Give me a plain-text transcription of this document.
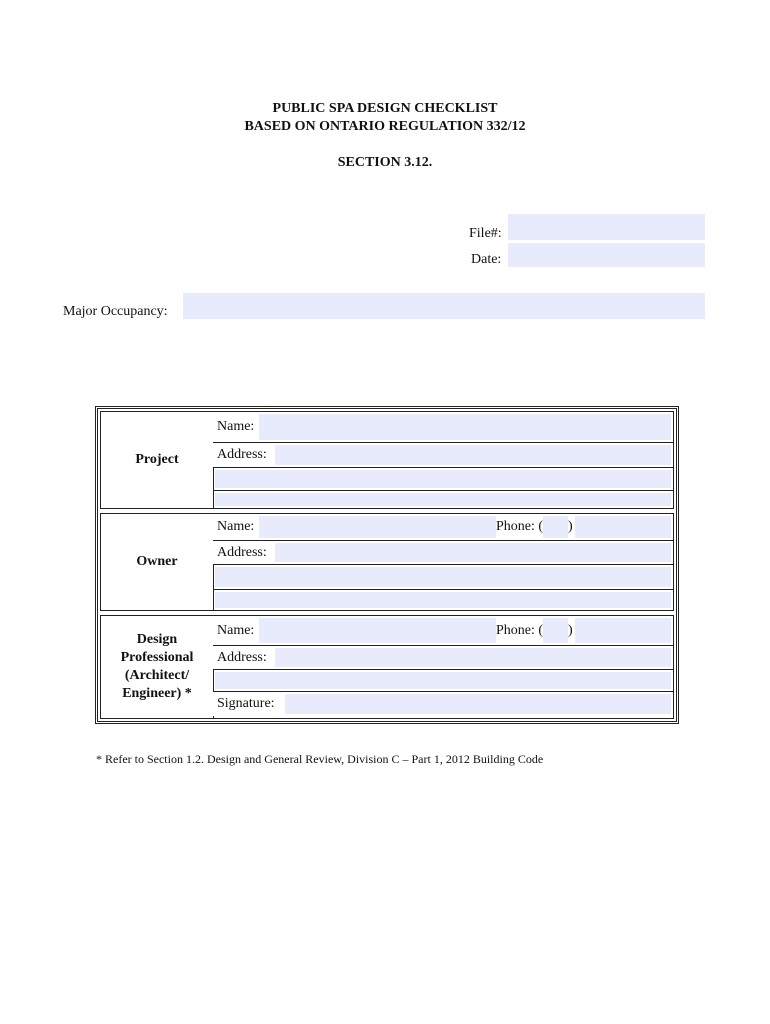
PUBLIC SPA DESIGN CHECKLIST
BASED ON ONTARIO REGULATION 332/12
SECTION 3.12.
File#:
Date:
Major Occupancy:
Project
Name:
Address:
Owner
Name:	Phone: ( )
Address:
Design
Professional
(Architect/
Engineer) *
Name:	Phone: ( )
Address:
Signature:
* Refer to Section 1.2. Design and General Review, Division C – Part 1, 2012 Building Code
